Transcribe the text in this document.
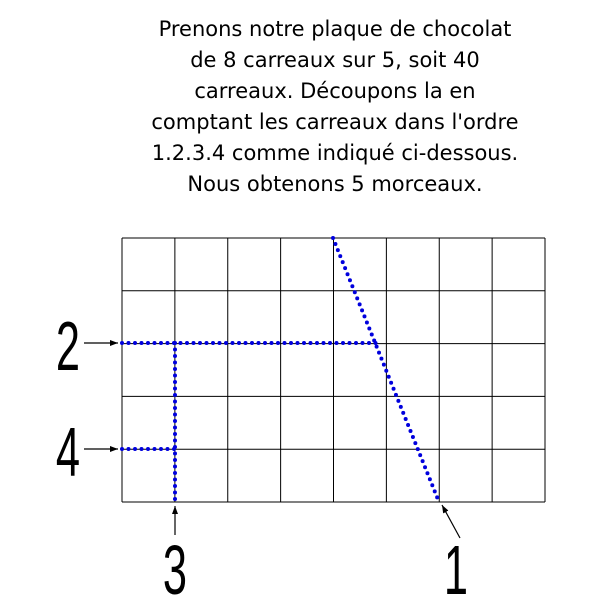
Prenons notre plaque de chocolat
de 8 carreaux sur 5, soit 40
carreaux. Découpons la en
comptant les carreaux dans l'ordre
1.2.3.4 comme indiqué ci-dessous.
Nous obtenons 5 morceaux.
2
4
3	1
